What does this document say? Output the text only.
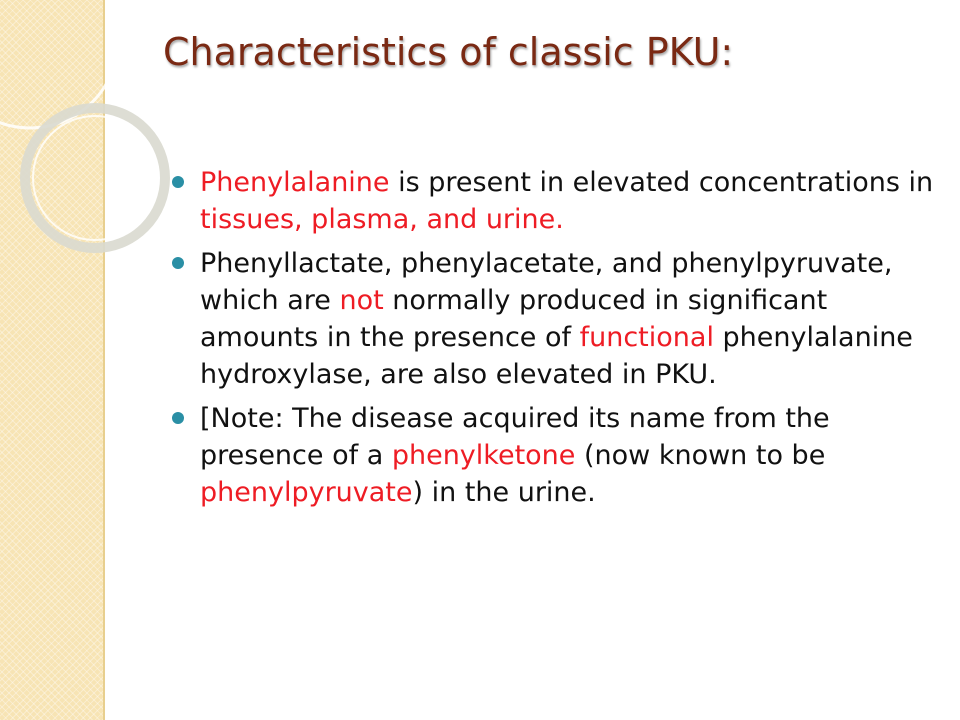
Characteristics of classic PKU:
Phenylalanine is present in elevated concentrations in tissues, plasma, and urine.
Phenyllactate, phenylacetate, and phenylpyruvate, which are not normally produced in significant amounts in the presence of functional phenylalanine hydroxylase, are also elevated in PKU.
[Note: The disease acquired its name from the presence of a phenylketone (now known to be phenylpyruvate) in the urine.
